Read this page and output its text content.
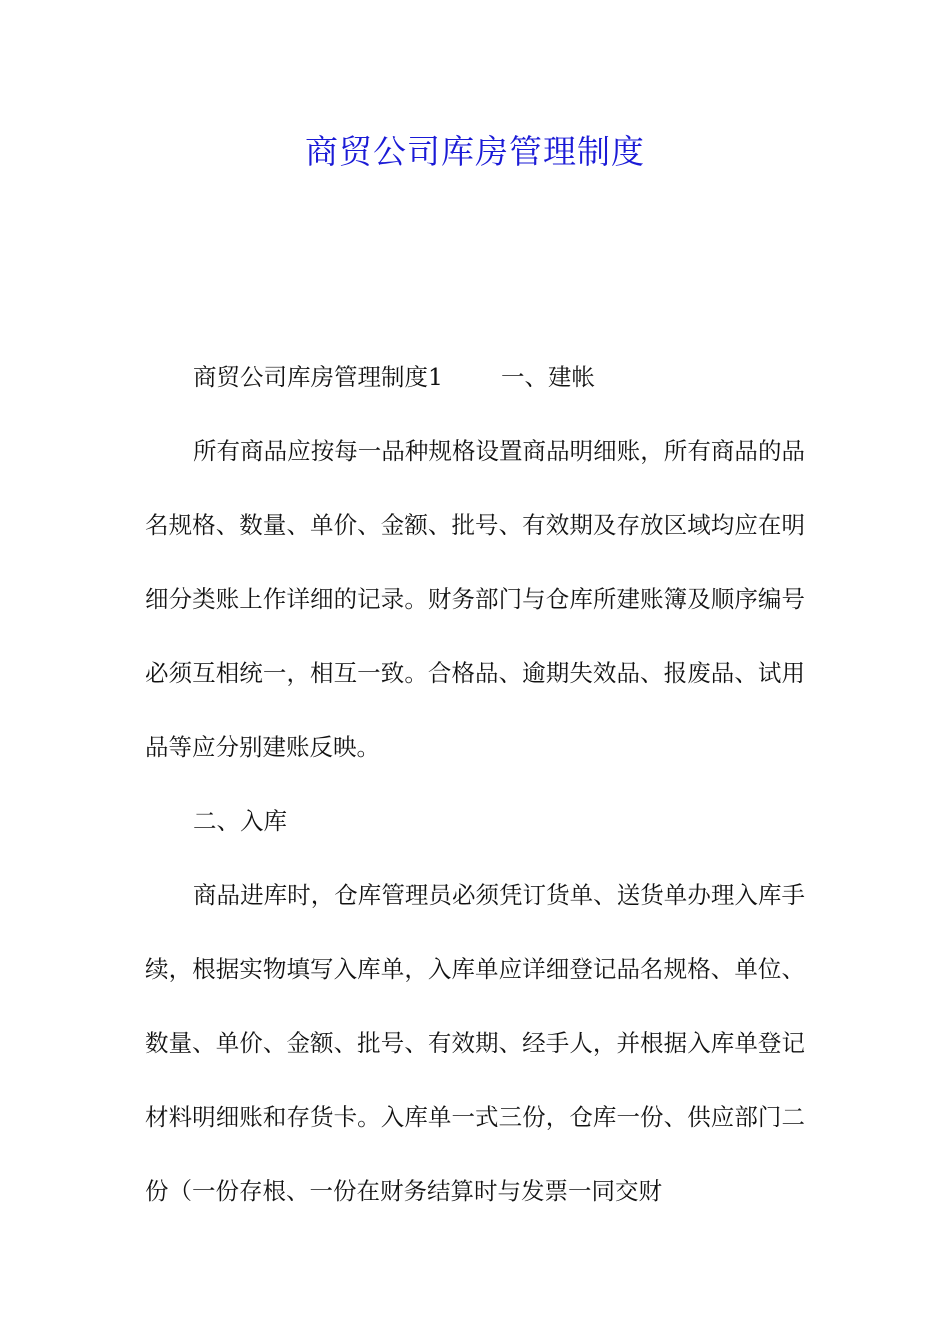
商贸公司库房管理制度

商贸公司库房管理制度1 一、建帐

所有商品应按每一品种规格设置商品明细账，所有商品的品名规格、数量、单价、金额、批号、有效期及存放区域均应在明细分类账上作详细的记录。财务部门与仓库所建账簿及顺序编号必须互相统一，相互一致。合格品、逾期失效品、报废品、试用品等应分别建账反映。

二、入库

商品进库时，仓库管理员必须凭订货单、送货单办理入库手续，根据实物填写入库单，入库单应详细登记品名规格、单位、数量、单价、金额、批号、有效期、经手人，并根据入库单登记材料明细账和存货卡。入库单一式三份，仓库一份、供应部门二份（一份存根、一份在财务结算时与发票一同交财
